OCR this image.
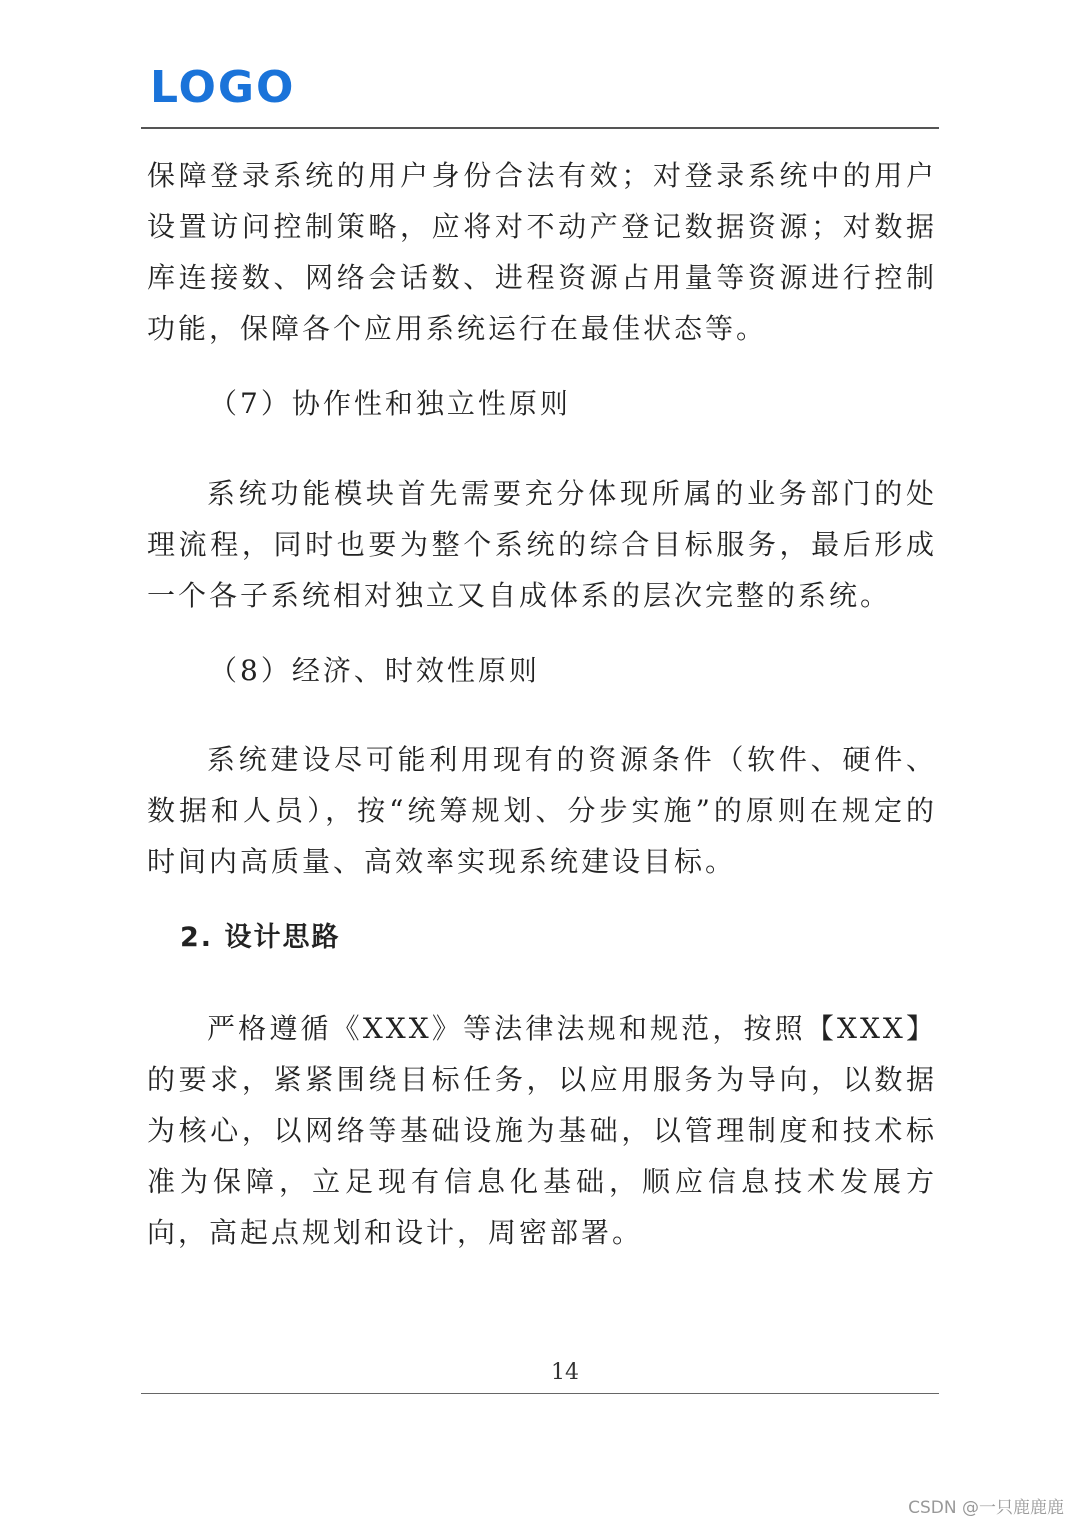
LOGO
保障登录系统的用户身份合法有效；对登录系统中的用户设置访问控制策略，应将对不动产登记数据资源；对数据库连接数、网络会话数、进程资源占用量等资源进行控制功能，保障各个应用系统运行在最佳状态等。
（7）协作性和独立性原则
系统功能模块首先需要充分体现所属的业务部门的处理流程，同时也要为整个系统的综合目标服务，最后形成一个各子系统相对独立又自成体系的层次完整的系统。
（8）经济、时效性原则
系统建设尽可能利用现有的资源条件（软件、硬件、数据和人员），按“统筹规划、分步实施”的原则在规定的时间内高质量、高效率实现系统建设目标。
2. 设计思路
严格遵循《XXX》等法律法规和规范，按照【XXX】的要求，紧紧围绕目标任务，以应用服务为导向，以数据为核心，以网络等基础设施为基础，以管理制度和技术标准为保障，立足现有信息化基础，顺应信息技术发展方向，高起点规划和设计，周密部署。
14
CSDN @一只鹿鹿鹿
